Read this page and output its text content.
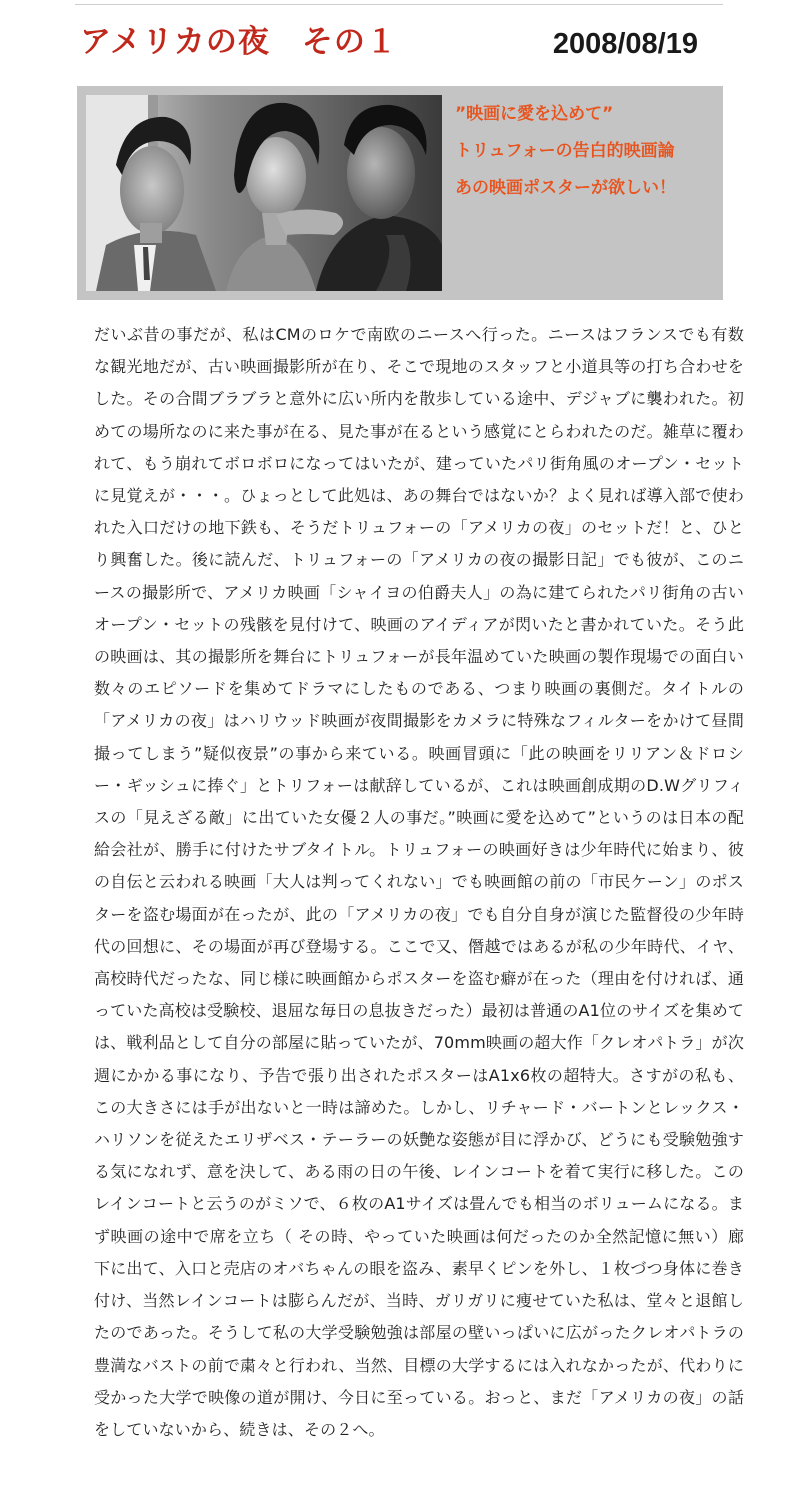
アメリカの夜　その１	2008/08/19
”映画に愛を込めて”
トリュフォーの告白的映画論
あの映画ポスターが欲しい！

だいぶ昔の事だが、私はCMのロケで南欧のニースへ行った。ニースはフランスでも有数な観光地だが、古い映画撮影所が在り、そこで現地のスタッフと小道具等の打ち合わせをした。その合間ブラブラと意外に広い所内を散歩している途中、デジャブに襲われた。初めての場所なのに来た事が在る、見た事が在るという感覚にとらわれたのだ。雑草に覆われて、もう崩れてボロボロになってはいたが、建っていたパリ街角風のオープン・セットに見覚えが・・・。ひょっとして此処は、あの舞台ではないか？よく見れば導入部で使われた入口だけの地下鉄も、そうだトリュフォーの「アメリカの夜」のセットだ！と、ひとり興奮した。後に読んだ、トリュフォーの「アメリカの夜の撮影日記」でも彼が、このニースの撮影所で、アメリカ映画「シャイヨの伯爵夫人」の為に建てられたパリ街角の古いオープン・セットの残骸を見付けて、映画のアイディアが閃いたと書かれていた。そう此の映画は、其の撮影所を舞台にトリュフォーが長年温めていた映画の製作現場での面白い数々のエピソードを集めてドラマにしたものである、つまり映画の裏側だ。タイトルの「アメリカの夜」はハリウッド映画が夜間撮影をカメラに特殊なフィルターをかけて昼間撮ってしまう”疑似夜景”の事から来ている。映画冒頭に「此の映画をリリアン＆ドロシー・ギッシュに捧ぐ」とトリフォーは献辞しているが、これは映画創成期のD.Wグリフィスの「見えざる敵」に出ていた女優２人の事だ。”映画に愛を込めて”というのは日本の配給会社が、勝手に付けたサブタイトル。トリュフォーの映画好きは少年時代に始まり、彼の自伝と云われる映画「大人は判ってくれない」でも映画館の前の「市民ケーン」のポスターを盗む場面が在ったが、此の「アメリカの夜」でも自分自身が演じた監督役の少年時代の回想に、その場面が再び登場する。ここで又、僭越ではあるが私の少年時代、イヤ、高校時代だったな、同じ様に映画館からポスターを盗む癖が在った（理由を付ければ、通っていた高校は受験校、退屈な毎日の息抜きだった）最初は普通のA1位のサイズを集めては、戦利品として自分の部屋に貼っていたが、70mm映画の超大作「クレオパトラ」が次週にかかる事になり、予告で張り出されたポスターはA1x6枚の超特大。さすがの私も、この大きさには手が出ないと一時は諦めた。しかし、リチャード・バートンとレックス・ハリソンを従えたエリザベス・テーラーの妖艶な姿態が目に浮かび、どうにも受験勉強する気になれず、意を決して、ある雨の日の午後、レインコートを着て実行に移した。このレインコートと云うのがミソで、６枚のA1サイズは畳んでも相当のボリュームになる。まず映画の途中で席を立ち（ その時、やっていた映画は何だったのか全然記憶に無い）廊下に出て、入口と売店のオバちゃんの眼を盗み、素早くピンを外し、１枚づつ身体に巻き付け、当然レインコートは膨らんだが、当時、ガリガリに痩せていた私は、堂々と退館したのであった。そうして私の大学受験勉強は部屋の壁いっぱいに広がったクレオパトラの豊満なバストの前で粛々と行われ、当然、目標の大学するには入れなかったが、代わりに受かった大学で映像の道が開け、今日に至っている。おっと、まだ「アメリカの夜」の話をしていないから、続きは、その２へ。
